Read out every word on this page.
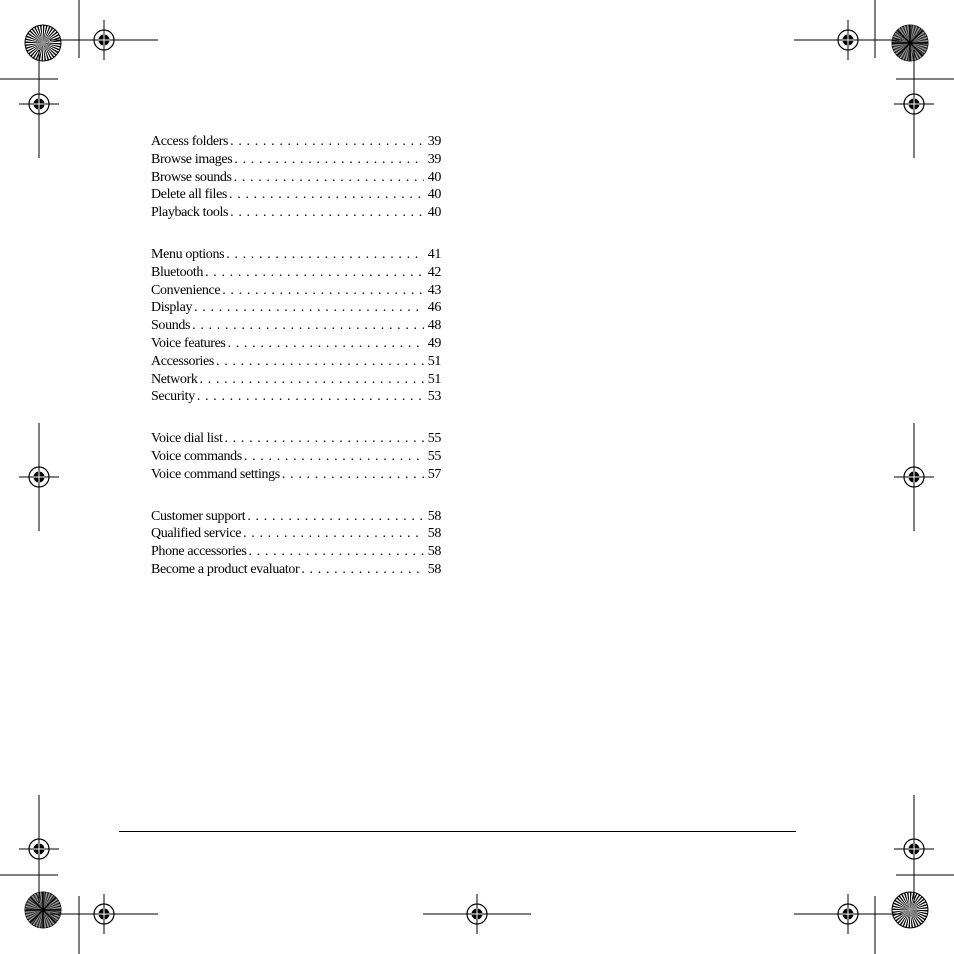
Access folders . . .	39
Browse images . . .	39
Browse sounds . . .	40
Delete all files . . .	40
Playback tools . . .	40
Menu options . . .	41
Bluetooth . . .	42
Convenience . . .	43
Display . . .	46
Sounds . . .	48
Voice features . . .	49
Accessories . . .	51
Network . . .	51
Security . . .	53
Voice dial list . . .	55
Voice commands . . .	55
Voice command settings . . .	57
Customer support . . .	58
Qualified service . . .	58
Phone accessories . . .	58
Become a product evaluator . . .	58
